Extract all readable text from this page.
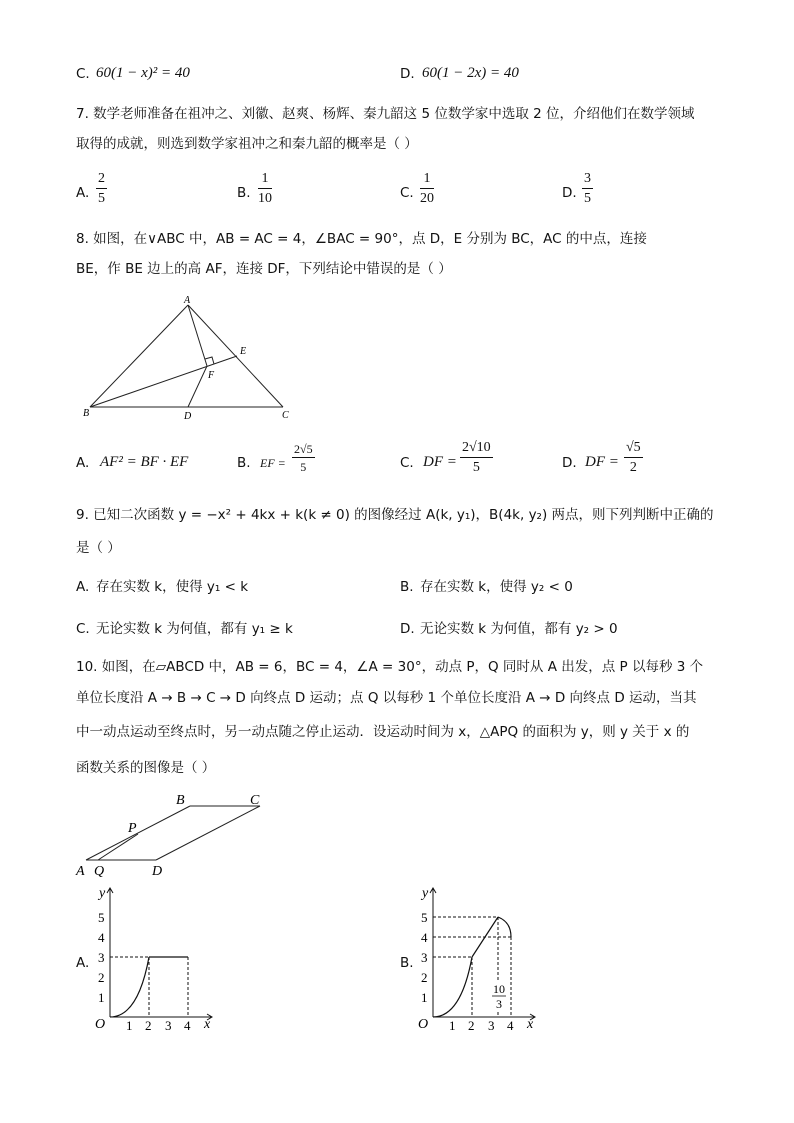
C. 60(1 − x)² = 40	D. 60(1 − 2x) = 40
7. 数学老师准备在祖冲之、刘徽、赵爽、杨辉、秦九韶这 5 位数学家中选取 2 位，介绍他们在数学领域
取得的成就，则选到数学家祖冲之和秦九韶的概率是（ ）
A. $\frac{2}{5}$	B. $\frac{1}{10}$	C. $\frac{1}{20}$	D. $\frac{3}{5}$
8. 如图，在∨ABC 中，AB = AC = 4，∠BAC = 90°，点 D，E 分别为 BC，AC 的中点，连接
BE，作 BE 边上的高 AF，连接 DF，下列结论中错误的是（ ）
A
B	C
D
E
F
A. AF² = BF · EF	B. EF = $\frac{2√5}{5}$	C. DF = $\frac{2√10}{5}$	D. DF = $\frac{√5}{2}$
9. 已知二次函数 y = −x² + 4kx + k(k ≠ 0) 的图像经过 A(k, y₁)，B(4k, y₂) 两点，则下列判断中正确的
是（ ）
A. 存在实数 k，使得 y₁ < k	B. 存在实数 k，使得 y₂ < 0
C. 无论实数 k 为何值，都有 y₁ ≥ k	D. 无论实数 k 为何值，都有 y₂ > 0
10. 如图，在▱ABCD 中，AB = 6，BC = 4，∠A = 30°，动点 P，Q 同时从 A 出发，点 P 以每秒 3 个
单位长度沿 A → B → C → D 向终点 D 运动；点 Q 以每秒 1 个单位长度沿 A → D 向终点 D 运动，当其
中一动点运动至终点时，另一动点随之停止运动．设运动时间为 x，△APQ 的面积为 y，则 y 关于 x 的
函数关系的图像是（ ）
A Q
P
B	C
D
A.
y
x
O
1
2
3
4
5
1 2 3 4
B.
y
x
O
1
2
3
4
5
1 2 3 4
10
3
